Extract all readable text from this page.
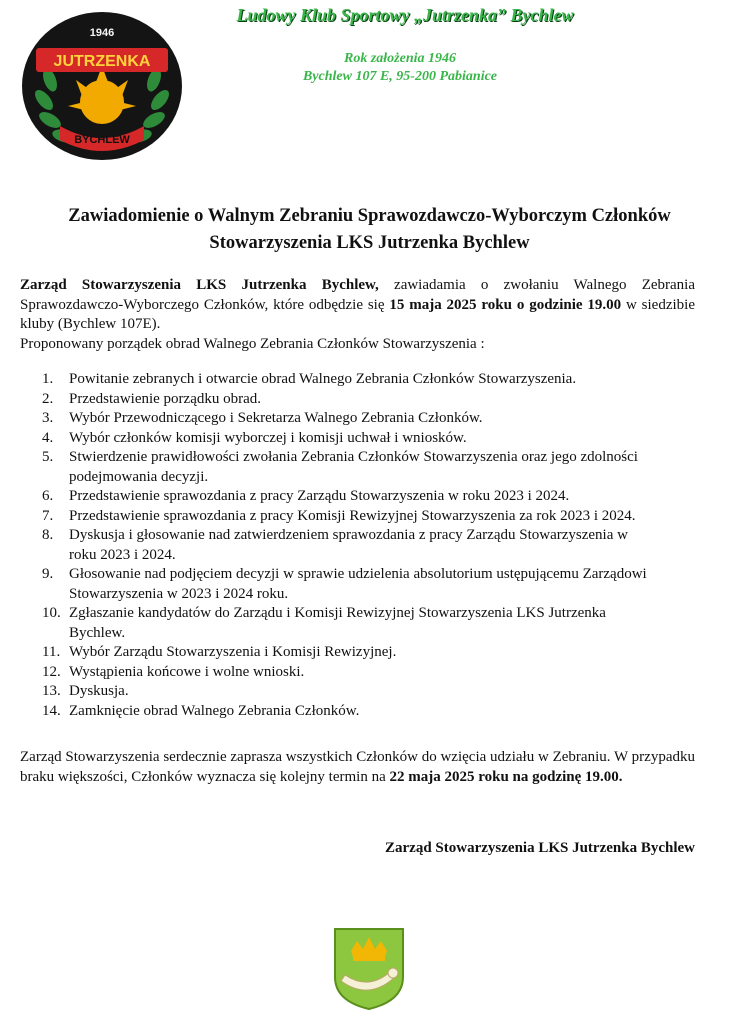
1946
JUTRZENKA
BYCHLEW
Ludowy Klub Sportowy „Jutrzenka” Bychlew
Rok założenia 1946
Bychlew 107 E, 95-200 Pabianice
Zawiadomienie o Walnym Zebraniu Sprawozdawczo-Wyborczym Członków
Stowarzyszenia LKS Jutrzenka Bychlew

Zarząd Stowarzyszenia LKS Jutrzenka Bychlew, zawiadamia o zwołaniu Walnego Zebrania Sprawozdawczo-Wyborczego Członków, które odbędzie się 15 maja 2025 roku o godzinie 19.00 w siedzibie kluby (Bychlew 107E).

Proponowany porządek obrad Walnego Zebrania Członków Stowarzyszenia :

1. Powitanie zebranych i otwarcie obrad Walnego Zebrania Członków Stowarzyszenia.
2. Przedstawienie porządku obrad.
3. Wybór Przewodniczącego i Sekretarza Walnego Zebrania Członków.
4. Wybór członków komisji wyborczej i komisji uchwał i wniosków.
5. Stwierdzenie prawidłowości zwołania Zebrania Członków Stowarzyszenia oraz jego zdolności
podejmowania decyzji.
6. Przedstawienie sprawozdania z pracy Zarządu Stowarzyszenia w roku 2023 i 2024.
7. Przedstawienie sprawozdania z pracy Komisji Rewizyjnej Stowarzyszenia za rok 2023 i 2024.
8. Dyskusja i głosowanie nad zatwierdzeniem sprawozdania z pracy Zarządu Stowarzyszenia w
roku 2023 i 2024.
9. Głosowanie nad podjęciem decyzji w sprawie udzielenia absolutorium ustępującemu Zarządowi
Stowarzyszenia w 2023 i 2024 roku.
10. Zgłaszanie kandydatów do Zarządu i Komisji Rewizyjnej Stowarzyszenia LKS Jutrzenka
Bychlew.
11. Wybór Zarządu Stowarzyszenia i Komisji Rewizyjnej.
12. Wystąpienia końcowe i wolne wnioski.
13. Dyskusja.
14. Zamknięcie obrad Walnego Zebrania Członków.
Zarząd Stowarzyszenia serdecznie zaprasza wszystkich Członków do wzięcia udziału w Zebraniu. W przypadku braku większości, Członków wyznacza się kolejny termin na 22 maja 2025 roku na godzinę 19.00.
Zarząd Stowarzyszenia LKS Jutrzenka Bychlew
